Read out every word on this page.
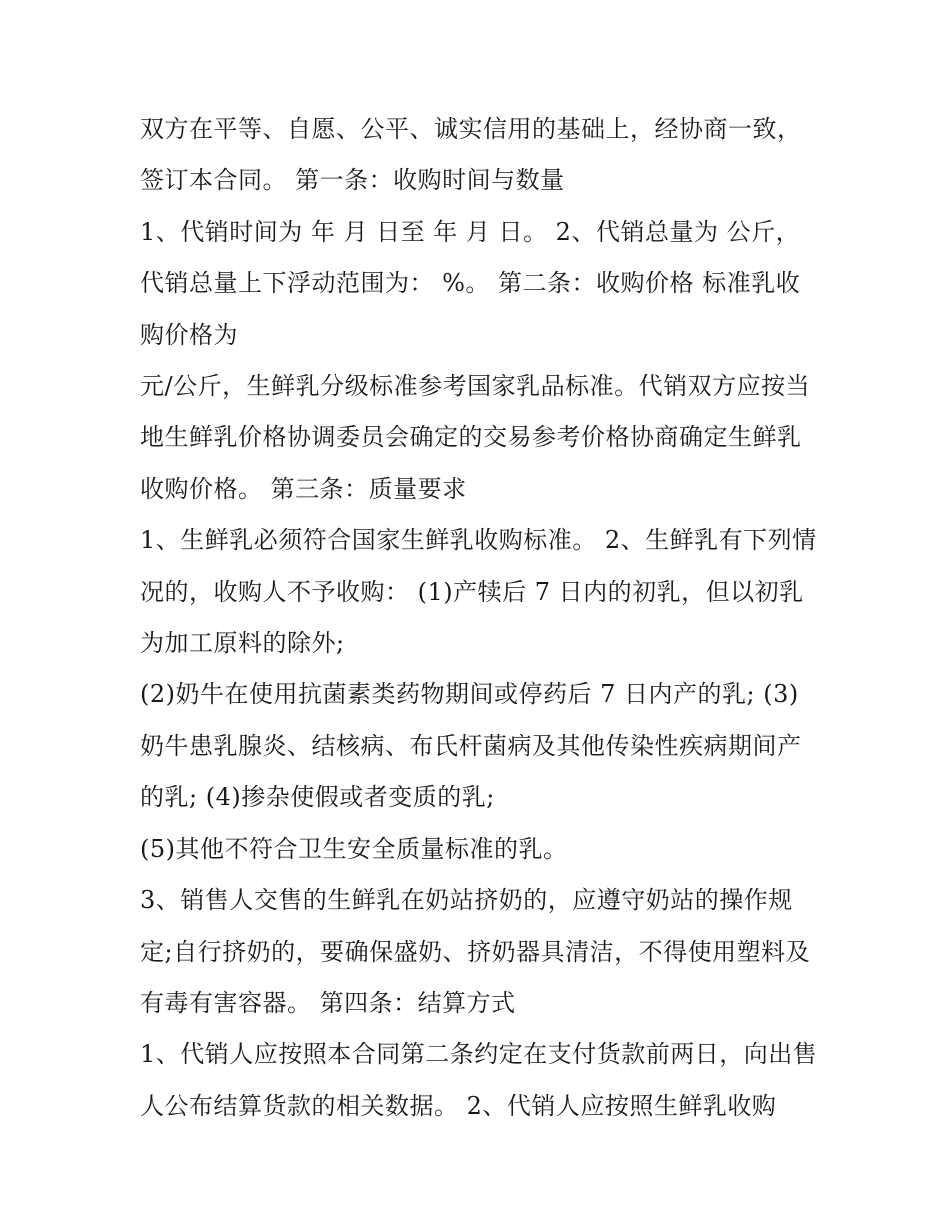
双方在平等、自愿、公平、诚实信用的基础上，经协商一致，签订本合同。 第一条：收购时间与数量

1、代销时间为 年 月 日至 年 月 日。 2、代销总量为 公斤，代销总量上下浮动范围为： %。 第二条：收购价格 标准乳收购价格为

元/公斤，生鲜乳分级标准参考国家乳品标准。代销双方应按当地生鲜乳价格协调委员会确定的交易参考价格协商确定生鲜乳收购价格。 第三条：质量要求

1、生鲜乳必须符合国家生鲜乳收购标准。 2、生鲜乳有下列情况的，收购人不予收购： (1)产犊后 7 日内的初乳，但以初乳为加工原料的除外;

(2)奶牛在使用抗菌素类药物期间或停药后 7 日内产的乳; (3)奶牛患乳腺炎、结核病、布氏杆菌病及其他传染性疾病期间产的乳; (4)掺杂使假或者变质的乳;

(5)其他不符合卫生安全质量标准的乳。

3、销售人交售的生鲜乳在奶站挤奶的，应遵守奶站的操作规定;自行挤奶的，要确保盛奶、挤奶器具清洁，不得使用塑料及有毒有害容器。 第四条：结算方式

1、代销人应按照本合同第二条约定在支付货款前两日，向出售人公布结算货款的相关数据。 2、代销人应按照生鲜乳收购
